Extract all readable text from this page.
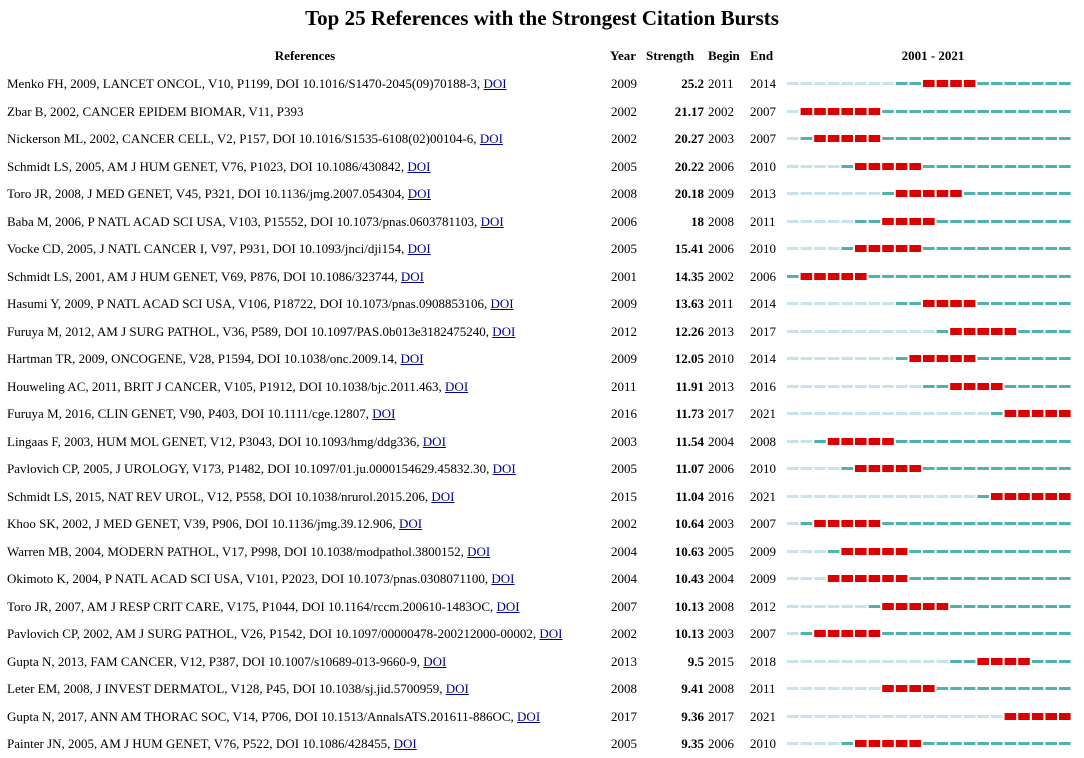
Top 25 References with the Strongest Citation Bursts
References	Year Strength	Begin End	2001 - 2021
Menko FH, 2009, LANCET ONCOL, V10, P1199, DOI 10.1016/S1470-2045(09)70188-3, DOI	2009	25.2 2011	2014
Zbar B, 2002, CANCER EPIDEM BIOMAR, V11, P393	2002	21.17 2002	2007
Nickerson ML, 2002, CANCER CELL, V2, P157, DOI 10.1016/S1535-6108(02)00104-6, DOI	2002	20.27 2003	2007
Schmidt LS, 2005, AM J HUM GENET, V76, P1023, DOI 10.1086/430842, DOI	2005	20.22 2006	2010
Toro JR, 2008, J MED GENET, V45, P321, DOI 10.1136/jmg.2007.054304, DOI	2008	20.18 2009	2013
Baba M, 2006, P NATL ACAD SCI USA, V103, P15552, DOI 10.1073/pnas.0603781103, DOI	2006	18 2008	2011
Vocke CD, 2005, J NATL CANCER I, V97, P931, DOI 10.1093/jnci/dji154, DOI	2005	15.41 2006	2010
Schmidt LS, 2001, AM J HUM GENET, V69, P876, DOI 10.1086/323744, DOI	2001	14.35 2002	2006
Hasumi Y, 2009, P NATL ACAD SCI USA, V106, P18722, DOI 10.1073/pnas.0908853106, DOI	2009	13.63 2011	2014
Furuya M, 2012, AM J SURG PATHOL, V36, P589, DOI 10.1097/PAS.0b013e3182475240, DOI	2012	12.26 2013	2017
Hartman TR, 2009, ONCOGENE, V28, P1594, DOI 10.1038/onc.2009.14, DOI	2009	12.05 2010	2014
Houweling AC, 2011, BRIT J CANCER, V105, P1912, DOI 10.1038/bjc.2011.463, DOI	2011	11.91 2013	2016
Furuya M, 2016, CLIN GENET, V90, P403, DOI 10.1111/cge.12807, DOI	2016	11.73 2017	2021
Lingaas F, 2003, HUM MOL GENET, V12, P3043, DOI 10.1093/hmg/ddg336, DOI	2003	11.54 2004	2008
Pavlovich CP, 2005, J UROLOGY, V173, P1482, DOI 10.1097/01.ju.0000154629.45832.30, DOI	2005	11.07 2006	2010
Schmidt LS, 2015, NAT REV UROL, V12, P558, DOI 10.1038/nrurol.2015.206, DOI	2015	11.04 2016	2021
Khoo SK, 2002, J MED GENET, V39, P906, DOI 10.1136/jmg.39.12.906, DOI	2002	10.64 2003	2007
Warren MB, 2004, MODERN PATHOL, V17, P998, DOI 10.1038/modpathol.3800152, DOI	2004	10.63 2005	2009
Okimoto K, 2004, P NATL ACAD SCI USA, V101, P2023, DOI 10.1073/pnas.0308071100, DOI	2004	10.43 2004	2009
Toro JR, 2007, AM J RESP CRIT CARE, V175, P1044, DOI 10.1164/rccm.200610-1483OC, DOI	2007	10.13 2008	2012
Pavlovich CP, 2002, AM J SURG PATHOL, V26, P1542, DOI 10.1097/00000478-200212000-00002, DOI	2002	10.13 2003	2007
Gupta N, 2013, FAM CANCER, V12, P387, DOI 10.1007/s10689-013-9660-9, DOI	2013	9.5 2015	2018
Leter EM, 2008, J INVEST DERMATOL, V128, P45, DOI 10.1038/sj.jid.5700959, DOI	2008	9.41 2008	2011
Gupta N, 2017, ANN AM THORAC SOC, V14, P706, DOI 10.1513/AnnalsATS.201611-886OC, DOI	2017	9.36 2017	2021
Painter JN, 2005, AM J HUM GENET, V76, P522, DOI 10.1086/428455, DOI	2005	9.35 2006	2010
